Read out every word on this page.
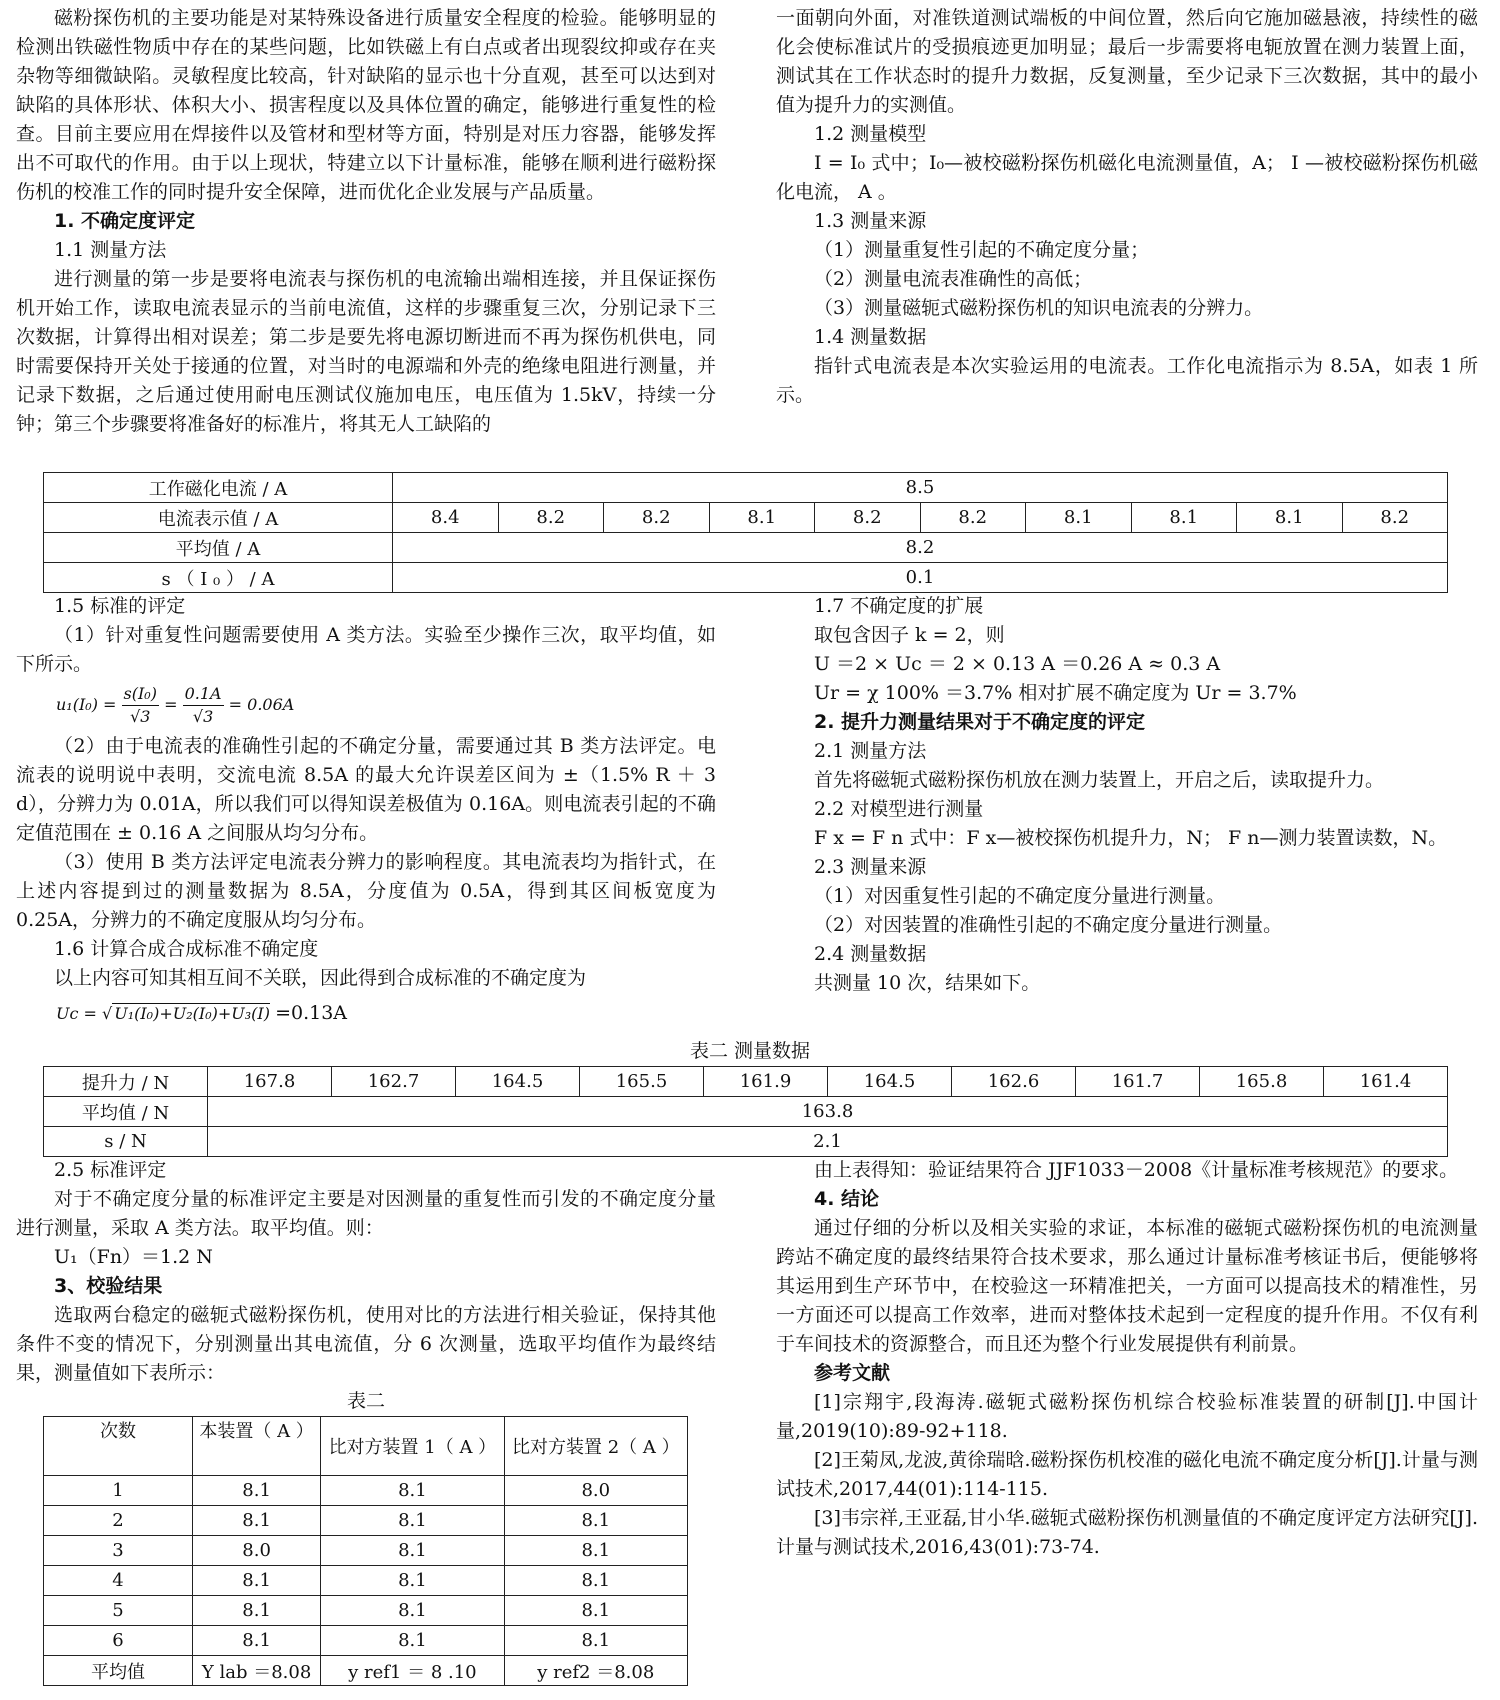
磁粉探伤机的主要功能是对某特殊设备进行质量安全程度的检验。能够明显的检测出铁磁性物质中存在的某些问题，比如铁磁上有白点或者出现裂纹抑或存在夹杂物等细微缺陷。灵敏程度比较高，针对缺陷的显示也十分直观，甚至可以达到对缺陷的具体形状、体积大小、损害程度以及具体位置的确定，能够进行重复性的检查。目前主要应用在焊接件以及管材和型材等方面，特别是对压力容器，能够发挥出不可取代的作用。由于以上现状，特建立以下计量标准，能够在顺利进行磁粉探伤机的校准工作的同时提升安全保障，进而优化企业发展与产品质量。

1. 不确定度评定

1.1 测量方法

进行测量的第一步是要将电流表与探伤机的电流输出端相连接，并且保证探伤机开始工作，读取电流表显示的当前电流值，这样的步骤重复三次，分别记录下三次数据，计算得出相对误差；第二步是要先将电源切断进而不再为探伤机供电，同时需要保持开关处于接通的位置，对当时的电源端和外壳的绝缘电阻进行测量，并记录下数据，之后通过使用耐电压测试仪施加电压，电压值为 1.5kV，持续一分钟；第三个步骤要将准备好的标准片，将其无人工缺陷的

一面朝向外面，对准铁道测试端板的中间位置，然后向它施加磁悬液，持续性的磁化会使标准试片的受损痕迹更加明显；最后一步需要将电轭放置在测力装置上面，测试其在工作状态时的提升力数据，反复测量，至少记录下三次数据，其中的最小值为提升力的实测值。

1.2 测量模型

I = I₀ 式中；I₀—被校磁粉探伤机磁化电流测量值，A； I —被校磁粉探伤机磁化电流， A 。

1.3 测量来源

（1）测量重复性引起的不确定度分量；

（2）测量电流表准确性的高低；

（3）测量磁轭式磁粉探伤机的知识电流表的分辨力。

1.4 测量数据

指针式电流表是本次实验运用的电流表。工作化电流指示为 8.5A，如表 1 所示。

工作磁化电流 / A	8.5									
电流表示值 / A	8.4	8.2	8.2	8.1	8.2	8.2	8.1	8.1	8.1	8.2
平均值 / A	8.2									
s （ I ₀ ） / A	0.1									

1.5 标准的评定

（1）针对重复性问题需要使用 A 类方法。实验至少操作三次，取平均值，如下所示。

$u_1(I_0) = \frac{\text{s(I₀)}}{√3} = \frac{0.1A}{√3} = 0.06A$

（2）由于电流表的准确性引起的不确定分量，需要通过其 B 类方法评定。电流表的说明说中表明，交流电流 8.5A 的最大允许误差区间为 ±（1.5% R ＋ 3 d），分辨力为 0.01A，所以我们可以得知误差极值为 0.16A。则电流表引起的不确定值范围在 ± 0.16 A 之间服从均匀分布。

（3）使用 B 类方法评定电流表分辨力的影响程度。其电流表均为指针式，在上述内容提到过的测量数据为 8.5A，分度值为 0.5A，得到其区间板宽度为 0.25A，分辨力的不确定度服从均匀分布。

1.6 计算合成合成标准不确定度

以上内容可知其相互间不关联，因此得到合成标准的不确定度为

Uc = √ U₁(I₀)+U₂(I₀)+U₃(I) =0.13A

1.7 不确定度的扩展

取包含因子 k = 2，则

U ＝2 × Uc ＝ 2 × 0.13 A ＝0.26 A ≈ 0.3 A

Ur = χ 100% ＝3.7% 相对扩展不确定度为 Ur = 3.7%

2. 提升力测量结果对于不确定度的评定

2.1 测量方法

首先将磁轭式磁粉探伤机放在测力装置上，开启之后，读取提升力。

2.2 对模型进行测量

F x = F n 式中：F x—被校探伤机提升力，N； F n—测力装置读数，N。

2.3 测量来源

（1）对因重复性引起的不确定度分量进行测量。

（2）对因装置的准确性引起的不确定度分量进行测量。

2.4 测量数据

共测量 10 次，结果如下。

表二 测量数据
提升力 / N	167.8	162.7	164.5	165.5	161.9	164.5	162.6	161.7	165.8	161.4
平均值 / N	163.8									
s / N	2.1									

2.5 标准评定

对于不确定度分量的标准评定主要是对因测量的重复性而引发的不确定度分量进行测量，采取 A 类方法。取平均值。则：

U₁（Fn）＝1.2 N

3、校验结果

选取两台稳定的磁轭式磁粉探伤机，使用对比的方法进行相关验证，保持其他条件不变的情况下，分别测量出其电流值，分 6 次测量，选取平均值作为最终结果，测量值如下表所示：

表二
次数	本装置（ A ）	比对方装置 1（ A ）	比对方装置 2（ A ）
1	8.1	8.1	8.0
2	8.1	8.1	8.1
3	8.0	8.1	8.1
4	8.1	8.1	8.1
5	8.1	8.1	8.1
6	8.1	8.1	8.1
平均值	Y lab ＝8.08	y ref1 ＝ 8 .10	y ref2 ＝8.08

由上表得知：验证结果符合 JJF1033－2008《计量标准考核规范》的要求。

4. 结论

通过仔细的分析以及相关实验的求证，本标准的磁轭式磁粉探伤机的电流测量跨站不确定度的最终结果符合技术要求，那么通过计量标准考核证书后，便能够将其运用到生产环节中，在校验这一环精准把关，一方面可以提高技术的精准性，另一方面还可以提高工作效率，进而对整体技术起到一定程度的提升作用。不仅有利于车间技术的资源整合，而且还为整个行业发展提供有利前景。

参考文献

[1]宗翔宇,段海涛.磁轭式磁粉探伤机综合校验标准装置的研制[J].中国计量,2019(10):89-92+118.

[2]王菊凤,龙波,黄徐瑞晗.磁粉探伤机校准的磁化电流不确定度分析[J].计量与测试技术,2017,44(01):114-115.

[3]韦宗祥,王亚磊,甘小华.磁轭式磁粉探伤机测量值的不确定度评定方法研究[J].计量与测试技术,2016,43(01):73-74.
